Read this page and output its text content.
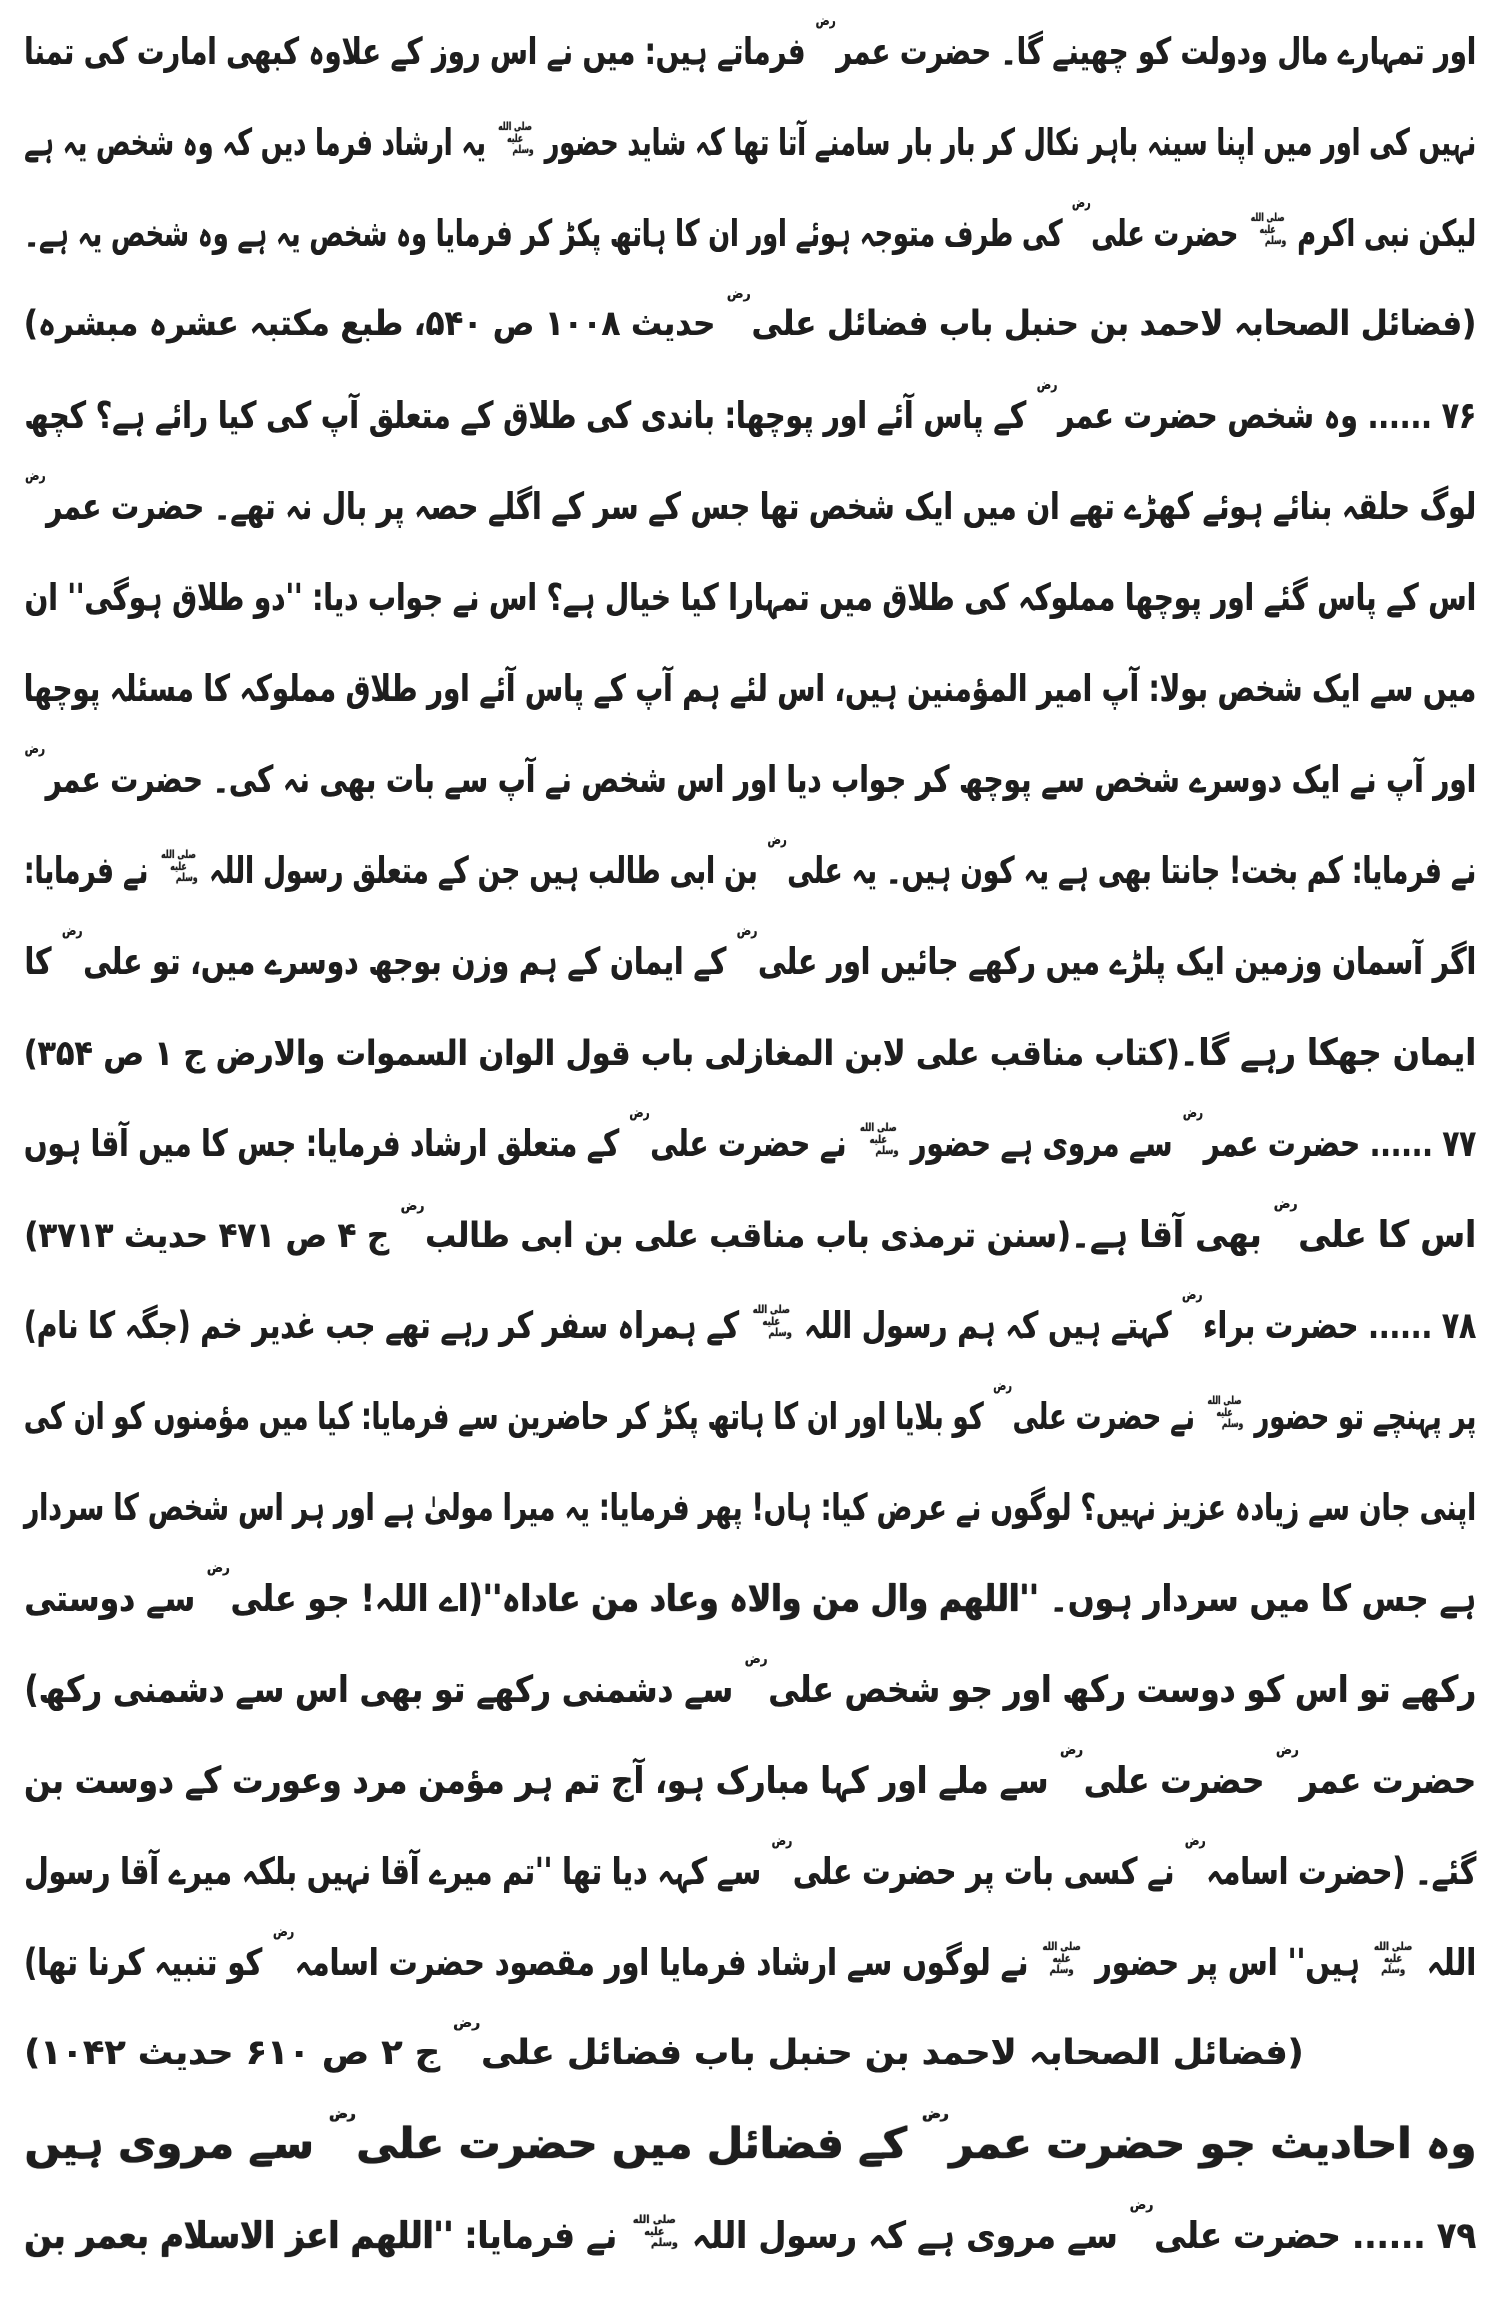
اور تمہارے مال ودولت کو چھینے گا۔ حضرت عمررض فرماتے ہیں: میں نے اس روز کے علاوہ کبھی امارت کی تمنا
نہیں کی اور میں اپنا سینہ باہر نکال کر بار بار سامنے آتا تھا کہ شاید حضور صلى الله عليه وسلم یہ ارشاد فرما دیں کہ وہ شخص یہ ہے
لیکن نبی اکرم صلى الله عليه وسلم حضرت علیرض کی طرف متوجہ ہوئے اور ان کا ہاتھ پکڑ کر فرمایا وہ شخص یہ ہے وہ شخص یہ ہے۔
(فضائل الصحابہ لاحمد بن حنبل باب فضائل علیرض حدیث ۱۰۰۸ ص ۵۴۰، طبع مکتبہ عشرہ مبشرہ)
۷۶ ...... وہ شخص حضرت عمررض کے پاس آئے اور پوچھا: باندی کی طلاق کے متعلق آپ کی کیا رائے ہے؟ کچھ
لوگ حلقہ بنائے ہوئے کھڑے تھے ان میں ایک شخص تھا جس کے سر کے اگلے حصہ پر بال نہ تھے۔ حضرت عمررض
اس کے پاس گئے اور پوچھا مملوکہ کی طلاق میں تمہارا کیا خیال ہے؟ اس نے جواب دیا: ''دو طلاق ہوگی'' ان
میں سے ایک شخص بولا: آپ امیر المؤمنین ہیں، اس لئے ہم آپ کے پاس آئے اور طلاق مملوکہ کا مسئلہ پوچھا
اور آپ نے ایک دوسرے شخص سے پوچھ کر جواب دیا اور اس شخص نے آپ سے بات بھی نہ کی۔ حضرت عمررض
نے فرمایا: کم بخت! جانتا بھی ہے یہ کون ہیں۔ یہ علیرض بن ابی طالب ہیں جن کے متعلق رسول اللہ صلى الله عليه وسلم نے فرمایا:
اگر آسمان وزمین ایک پلڑے میں رکھے جائیں اور علیرض کے ایمان کے ہم وزن بوجھ دوسرے میں، تو علیرض کا
ایمان جھکا رہے گا۔
(کتاب مناقب علی لابن المغازلی باب قول الوان السموات والارض ج ۱ ص ۳۵۴)
۷۷ ...... حضرت عمررض سے مروی ہے حضور صلى الله عليه وسلم نے حضرت علیرض کے متعلق ارشاد فرمایا: جس کا میں آقا ہوں
اس کا علیرض بھی آقا ہے۔
(سنن ترمذی باب مناقب علی بن ابی طالبرض ج ۴ ص ۴۷۱ حدیث ۳۷۱۳)
۷۸ ...... حضرت براءرض کہتے ہیں کہ ہم رسول اللہ صلى الله عليه وسلم کے ہمراہ سفر کر رہے تھے جب غدیر خم (جگہ کا نام)
پر پہنچے تو حضور صلى الله عليه وسلم نے حضرت علیرض کو بلایا اور ان کا ہاتھ پکڑ کر حاضرین سے فرمایا: کیا میں مؤمنوں کو ان کی
اپنی جان سے زیادہ عزیز نہیں؟ لوگوں نے عرض کیا: ہاں! پھر فرمایا: یہ میرا مولیٰ ہے اور ہر اس شخص کا سردار
ہے جس کا میں سردار ہوں۔ ''اللھم وال من والاہ وعاد من عاداہ''(اے اللہ! جو علیرض سے دوستی
رکھے تو اس کو دوست رکھ اور جو شخص علیرض سے دشمنی رکھے تو بھی اس سے دشمنی رکھ)
حضرت عمررض حضرت علیرض سے ملے اور کہا مبارک ہو، آج تم ہر مؤمن مرد وعورت کے دوست بن
گئے۔ (حضرت اسامہرض نے کسی بات پر حضرت علیرض سے کہہ دیا تھا ''تم میرے آقا نہیں بلکہ میرے آقا رسول
اللہ صلى الله عليه وسلم ہیں'' اس پر حضور صلى الله عليه وسلم نے لوگوں سے ارشاد فرمایا اور مقصود حضرت اسامہرض کو تنبیہ کرنا تھا)
(فضائل الصحابہ لاحمد بن حنبل باب فضائل علیرض ج ۲ ص ۶۱۰ حدیث ۱۰۴۲)
وہ احادیث جو حضرت عمررض کے فضائل میں حضرت علیرض سے مروی ہیں
۷۹ ...... حضرت علیرض سے مروی ہے کہ رسول اللہ صلى الله عليه وسلم نے فرمایا: ''اللھم اعز الاسلام بعمر بن
